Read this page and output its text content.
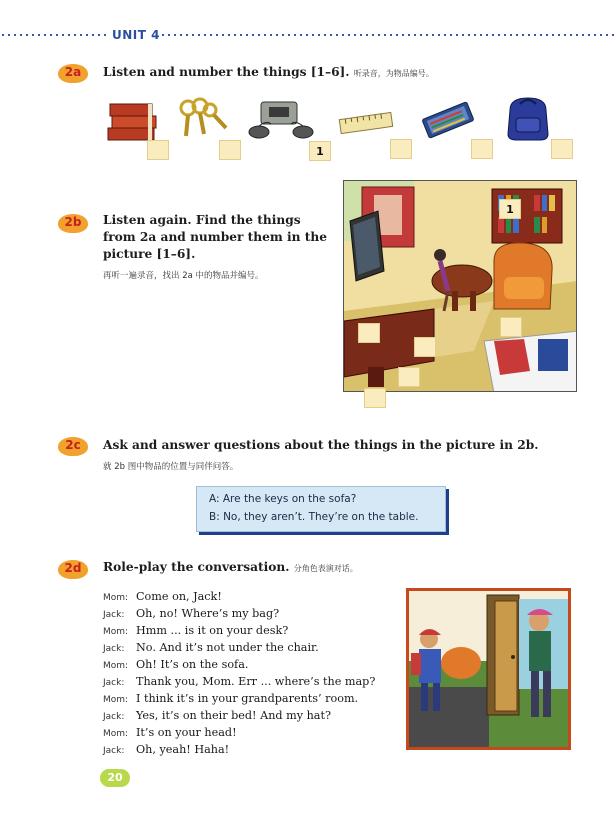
UNIT 4
2a	Listen and number the things [1–6]. 听录音，为物品编号。
1
2b	Listen again. Find the things
from 2a and number them in the
picture [1–6].
再听一遍录音，找出 2a 中的物品并编号。
1
2c	Ask and answer questions about the things in the picture in 2b.
就 2b 图中物品的位置与同伴问答。
A: Are the keys on the sofa?
B: No, they aren’t. They’re on the table.
2d	Role-play the conversation. 分角色表演对话。
Mom: Come on, Jack!
Jack: Oh, no! Where’s my bag?
Mom: Hmm ... is it on your desk?
Jack: No. And it’s not under the chair.
Mom: Oh! It’s on the sofa.
Jack: Thank you, Mom. Err ... where’s the map?
Mom: I think it’s in your grandparents’ room.
Jack: Yes, it’s on their bed! And my hat?
Mom: It’s on your head!
Jack: Oh, yeah! Haha!
20
